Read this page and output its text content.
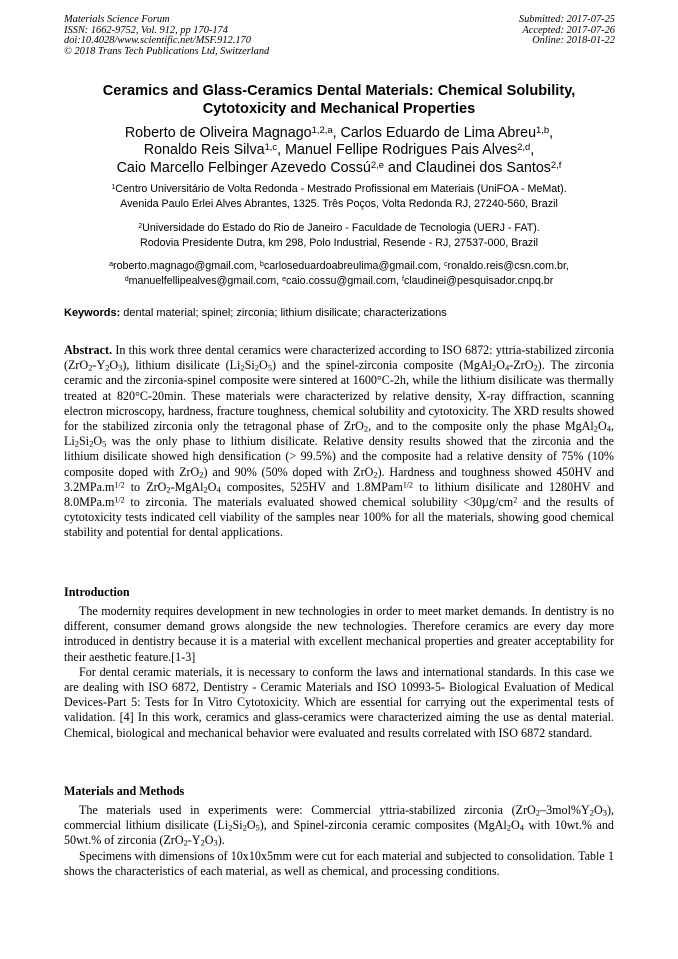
Materials Science Forum
ISSN: 1662-9752, Vol. 912, pp 170-174
doi:10.4028/www.scientific.net/MSF.912.170
© 2018 Trans Tech Publications Ltd, Switzerland
Submitted: 2017-07-25
Accepted: 2017-07-26
Online: 2018-01-22
Ceramics and Glass-Ceramics Dental Materials: Chemical Solubility,
Cytotoxicity and Mechanical Properties
Roberto de Oliveira Magnago$^{1,2,a}$, Carlos Eduardo de Lima Abreu$^{1,b}$,
Ronaldo Reis Silva$^{1,c}$, Manuel Fellipe Rodrigues Pais Alves$^{2,d}$,
Caio Marcello Felbinger Azevedo Cossú$^{2,e}$ and Claudinei dos Santos$^{2,f}$
$^1$Centro Universitário de Volta Redonda - Mestrado Profissional em Materiais (UniFOA - MeMat).
Avenida Paulo Erlei Alves Abrantes, 1325. Três Poços, Volta Redonda RJ, 27240-560, Brazil
$^2$Universidade do Estado do Rio de Janeiro - Faculdade de Tecnologia (UERJ - FAT).
Rodovia Presidente Dutra, km 298, Polo Industrial, Resende - RJ, 27537-000, Brazil
$^a$roberto.magnago@gmail.com, $^b$carloseduardoabreulima@gmail.com, $^c$ronaldo.reis@csn.com.br,
$^d$manuelfellipealves@gmail.com, $^e$caio.cossu@gmail.com, $^f$claudinei@pesquisador.cnpq.br
Keywords: dental material; spinel; zirconia; lithium disilicate; characterizations
Abstract. In this work three dental ceramics were characterized according to ISO 6872: yttria-stabilized zirconia $(ZrO_2-Y_2O_3)$, lithium disilicate $(Li_2Si_2O_5)$ and the spinel-zirconia composite $(MgAl_2O_4-ZrO_2)$. The zirconia ceramic and the zirconia-spinel composite were sintered at 1600°C-2h, while the lithium disilicate was thermally treated at 820°C-20min. These materials were characterized by relative density, X-ray diffraction, scanning electron microscopy, hardness, fracture toughness, chemical solubility and cytotoxicity. The XRD results showed for the stabilized zirconia only the tetragonal phase of ZrO$_2$, and to the composite only the phase $MgAl_2O_4$, $Li_2Si_2O_5$ was the only phase to lithium disilicate. Relative density results showed that the zirconia and the lithium disilicate showed high densification (> 99.5%) and the composite had a relative density of 75% (10% composite doped with ZrO$_2$) and 90% (50% doped with ZrO$_2$). Hardness and toughness showed 450HV and $3.2MPa.m^{1/2}$ to $ZrO_2-MgAl_2O_4$ composites, 525HV and 1.8MPam$^{1/2}$ to lithium disilicate and 1280HV and $8.0MPa.m^{1/2}$ to zirconia. The materials evaluated showed chemical solubility $<30\mu g/cm^2$ and the results of cytotoxicity tests indicated cell viability of the samples near 100% for all the materials, showing good chemical stability and potential for dental applications.
Introduction

The modernity requires development in new technologies in order to meet market demands. In dentistry is no different, consumer demand grows alongside the new technologies. Therefore ceramics are every day more introduced in dentistry because it is a material with excellent mechanical properties and greater acceptability for their aesthetic feature.[1-3]

For dental ceramic materials, it is necessary to conform the laws and international standards. In this case we are dealing with ISO 6872, Dentistry - Ceramic Materials and ISO 10993-5- Biological Evaluation of Medical Devices-Part 5: Tests for In Vitro Cytotoxicity. Which are essential for carrying out the experimental tests of validation. [4] In this work, ceramics and glass-ceramics were characterized aiming the use as dental material. Chemical, biological and mechanical behavior were evaluated and results correlated with ISO 6872 standard.

Materials and Methods

The materials used in experiments were: Commercial yttria-stabilized zirconia $(ZrO_2-3mol\%Y_2O_3)$, commercial lithium disilicate $(Li_2Si_2O_5)$, and Spinel-zirconia ceramic composites ($MgAl_2O_4$ with 10wt.% and 50wt.% of zirconia $(ZrO_2-Y_2O_3)$.

Specimens with dimensions of 10x10x5mm were cut for each material and subjected to consolidation. Table 1 shows the characteristics of each material, as well as chemical, and processing conditions.
